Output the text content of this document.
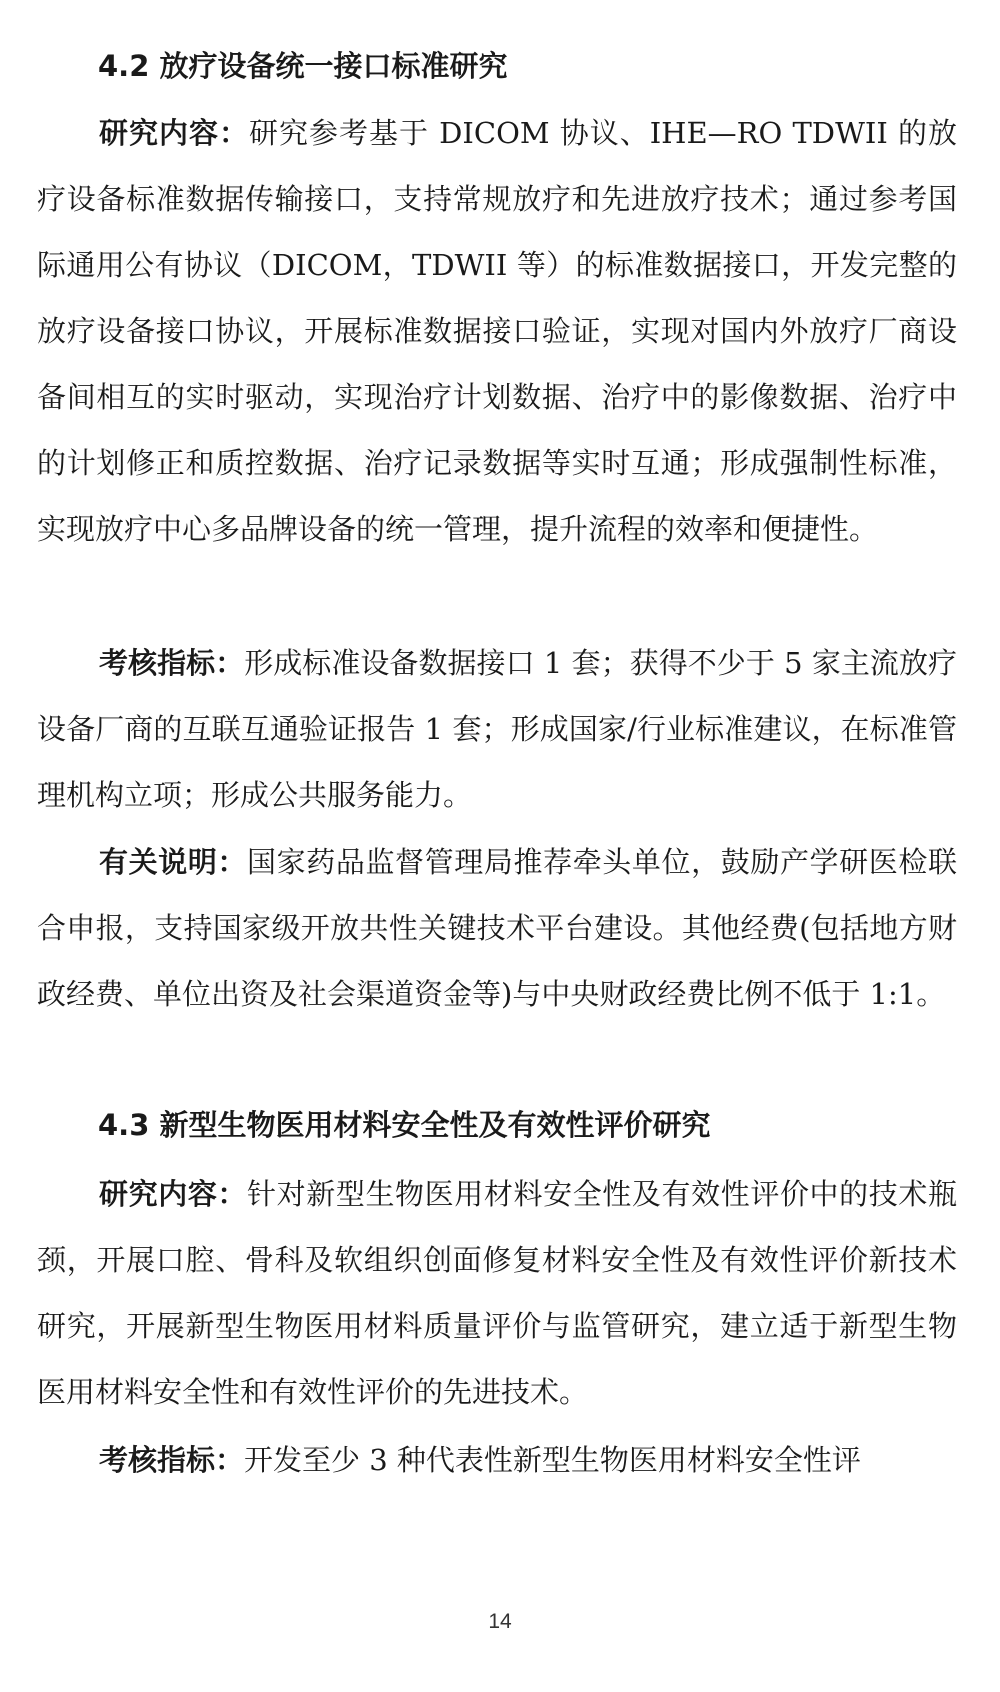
4.2 放疗设备统一接口标准研究

研究内容：研究参考基于 DICOM 协议、IHE—RO TDWII 的放疗设备标准数据传输接口，支持常规放疗和先进放疗技术；通过参考国际通用公有协议（DICOM，TDWII 等）的标准数据接口，开发完整的放疗设备接口协议，开展标准数据接口验证，实现对国内外放疗厂商设备间相互的实时驱动，实现治疗计划数据、治疗中的影像数据、治疗中的计划修正和质控数据、治疗记录数据等实时互通；形成强制性标准，实现放疗中心多品牌设备的统一管理，提升流程的效率和便捷性。

考核指标：形成标准设备数据接口 1 套；获得不少于 5 家主流放疗设备厂商的互联互通验证报告 1 套；形成国家/行业标准建议，在标准管理机构立项；形成公共服务能力。

有关说明：国家药品监督管理局推荐牵头单位，鼓励产学研医检联合申报，支持国家级开放共性关键技术平台建设。其他经费(包括地方财政经费、单位出资及社会渠道资金等)与中央财政经费比例不低于 1:1。

4.3 新型生物医用材料安全性及有效性评价研究

研究内容：针对新型生物医用材料安全性及有效性评价中的技术瓶颈，开展口腔、骨科及软组织创面修复材料安全性及有效性评价新技术研究，开展新型生物医用材料质量评价与监管研究，建立适于新型生物医用材料安全性和有效性评价的先进技术。

考核指标：开发至少 3 种代表性新型生物医用材料安全性评

14
